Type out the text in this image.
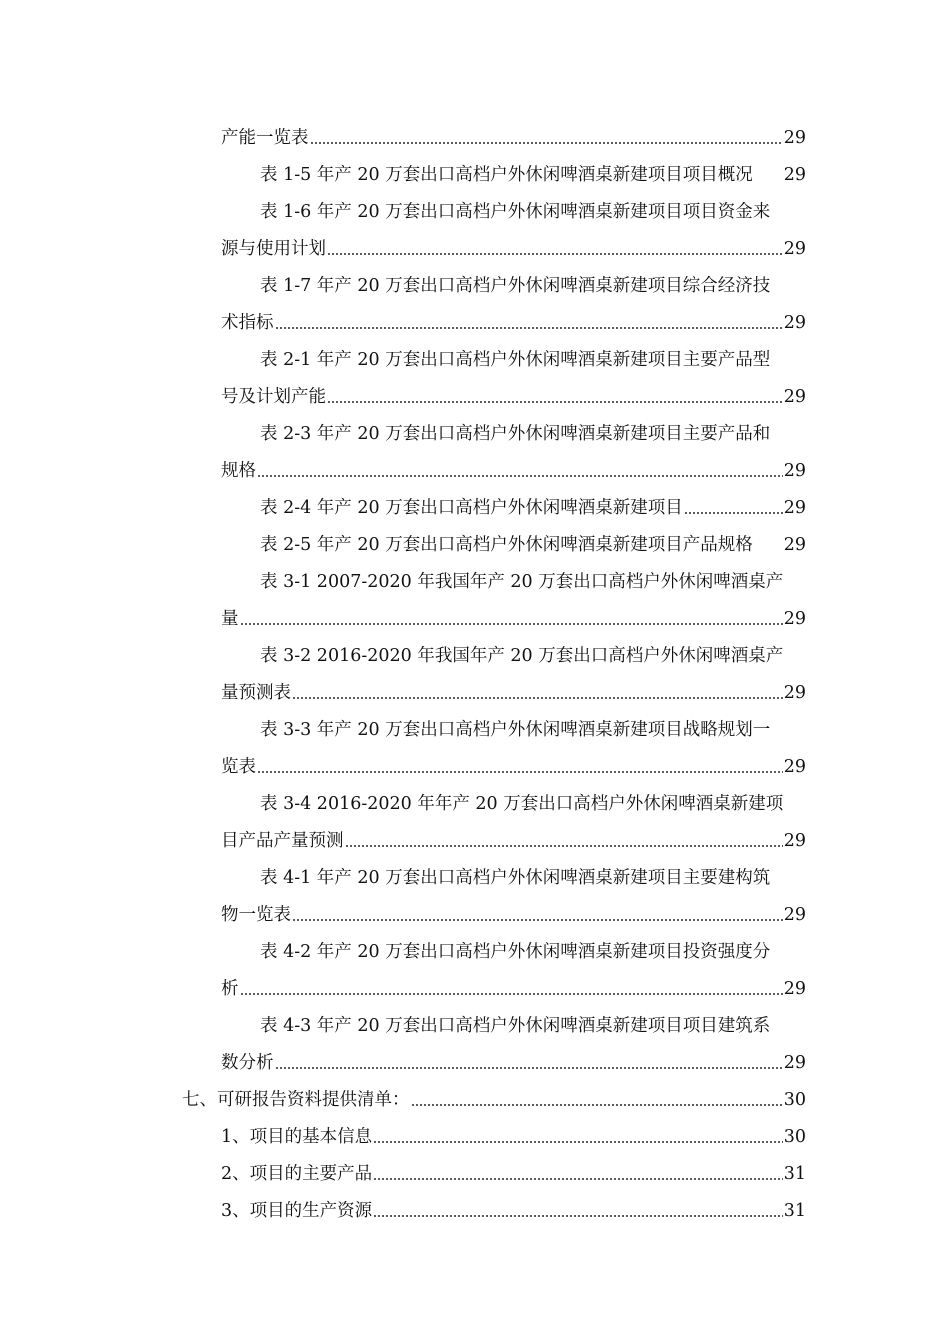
产能一览表	29
表 1-5 年产 20 万套出口高档户外休闲啤酒桌新建项目项目概况 29
表 1-6 年产 20 万套出口高档户外休闲啤酒桌新建项目项目资金来
源与使用计划	29
表 1-7 年产 20 万套出口高档户外休闲啤酒桌新建项目综合经济技
术指标	29
表 2-1 年产 20 万套出口高档户外休闲啤酒桌新建项目主要产品型
号及计划产能	29
表 2-3 年产 20 万套出口高档户外休闲啤酒桌新建项目主要产品和
规格	29
表 2-4 年产 20 万套出口高档户外休闲啤酒桌新建项目	29
表 2-5 年产 20 万套出口高档户外休闲啤酒桌新建项目产品规格 29
表 3-1 2007-2020 年我国年产 20 万套出口高档户外休闲啤酒桌产
量	29
表 3-2 2016-2020 年我国年产 20 万套出口高档户外休闲啤酒桌产
量预测表	29
表 3-3 年产 20 万套出口高档户外休闲啤酒桌新建项目战略规划一
览表	29
表 3-4 2016-2020 年年产 20 万套出口高档户外休闲啤酒桌新建项
目产品产量预测	29
表 4-1 年产 20 万套出口高档户外休闲啤酒桌新建项目主要建构筑
物一览表	29
表 4-2 年产 20 万套出口高档户外休闲啤酒桌新建项目投资强度分
析	29
表 4-3 年产 20 万套出口高档户外休闲啤酒桌新建项目项目建筑系
数分析	29
七、可研报告资料提供清单：	30
1、项目的基本信息	30
2、项目的主要产品	31
3、项目的生产资源	31
